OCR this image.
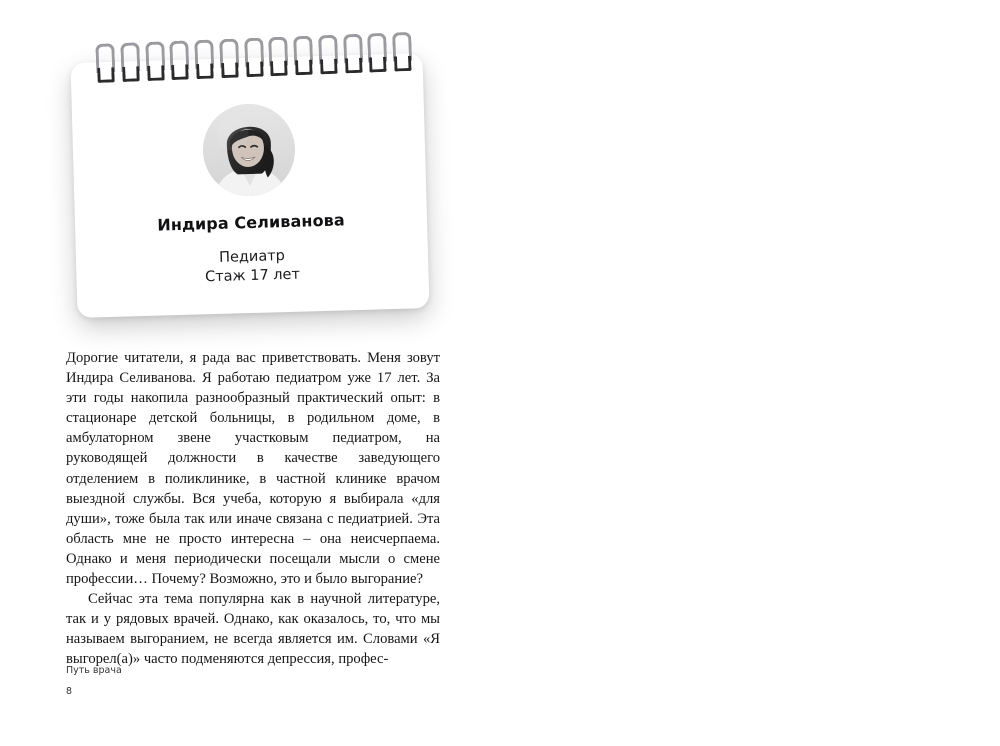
Индира Селиванова
Педиатр
Стаж 17 лет

Дорогие читатели, я рада вас приветствовать. Меня зовут Индира Селиванова. Я работаю педиатром уже 17 лет. За эти годы накопила разнообразный практический опыт: в стационаре детской больницы, в родильном доме, в амбулаторном звене участковым педиатром, на руководящей должности в качестве заведующего отделением в поликлинике, в частной клинике врачом выездной службы. Вся учеба, которую я выбирала «для души», тоже была так или иначе связана с педиатрией. Эта область мне не просто интересна – она неисчерпаема. Однако и меня периодически посещали мысли о смене профессии… Почему? Возможно, это и было выгорание?

Сейчас эта тема популярна как в научной литературе, так и у рядовых врачей. Однако, как оказалось, то, что мы называем выгоранием, не всегда является им. Словами «Я выгорел(а)» часто подменяются депрессия, профес-

Путь врача
8
